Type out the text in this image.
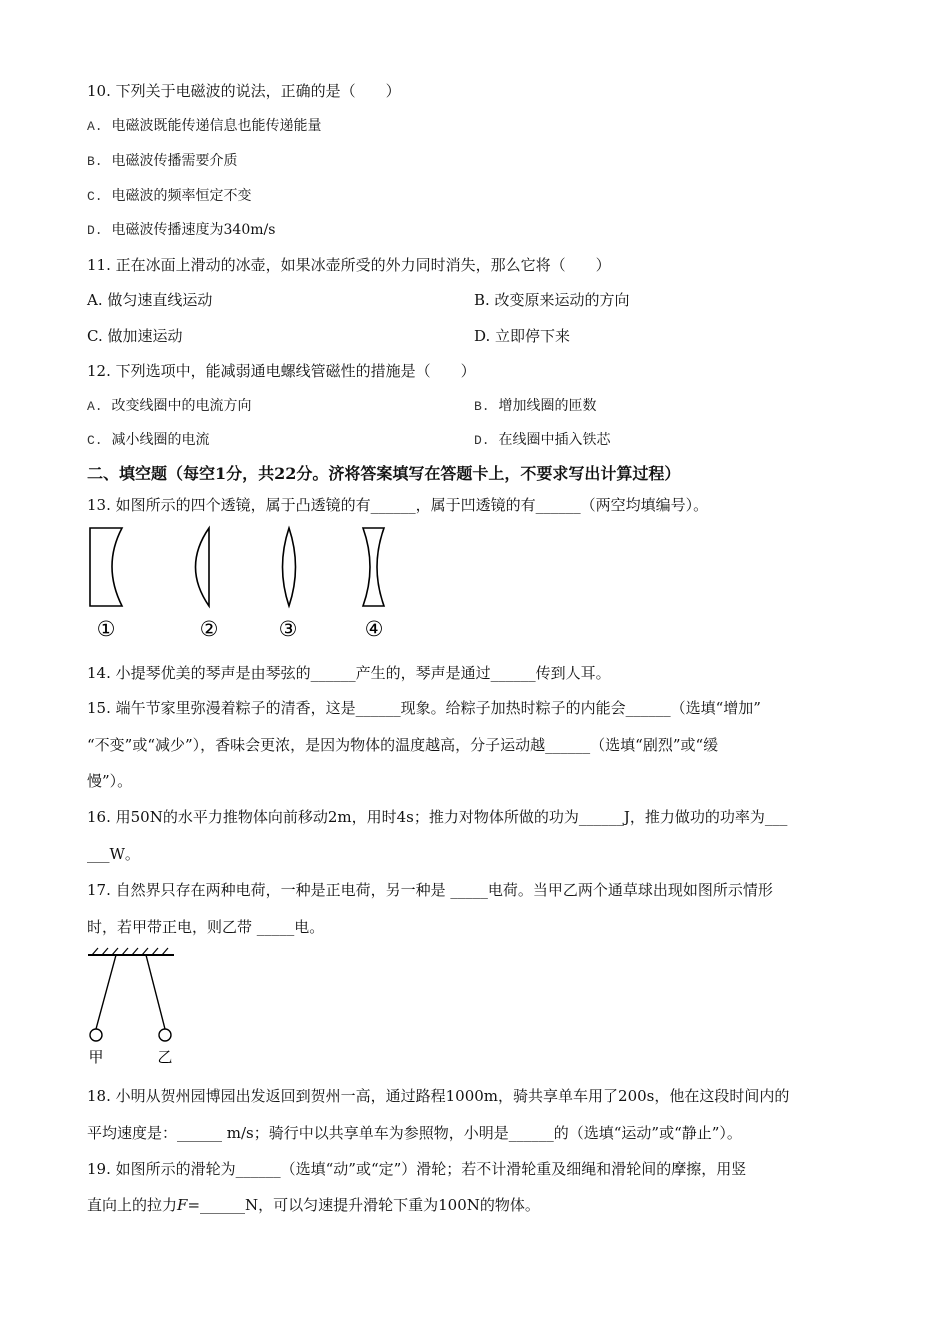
10. 下列关于电磁波的说法，正确的是（　　）
A. 电磁波既能传递信息也能传递能量
B. 电磁波传播需要介质
C. 电磁波的频率恒定不变
D. 电磁波传播速度为340m/s
11. 正在冰面上滑动的冰壶，如果冰壶所受的外力同时消失，那么它将（　　）
A. 做匀速直线运动	B. 改变原来运动的方向
C. 做加速运动	D. 立即停下来
12. 下列选项中，能减弱通电螺线管磁性的措施是（　　）
A. 改变线圈中的电流方向	B. 增加线圈的匝数
C. 减小线圈的电流	D. 在线圈中插入铁芯
二、填空题（每空1分，共22分。济将答案填写在答题卡上，不要求写出计算过程）
13. 如图所示的四个透镜，属于凸透镜的有______，属于凹透镜的有______（两空均填编号）。
①	②	③	④
14. 小提琴优美的琴声是由琴弦的______产生的，琴声是通过______传到人耳。
15. 端午节家里弥漫着粽子的清香，这是______现象。给粽子加热时粽子的内能会______（选填“增加”
“不变”或“减少”），香味会更浓，是因为物体的温度越高，分子运动越______（选填“剧烈”或“缓
慢”）。
16. 用50N的水平力推物体向前移动2m，用时4s；推力对物体所做的功为______J，推力做功的功率为___
___W。
17. 自然界只存在两种电荷，一种是正电荷，另一种是 _____电荷。当甲乙两个通草球出现如图所示情形
时，若甲带正电，则乙带 _____电。
甲	乙
18. 小明从贺州园博园出发返回到贺州一高，通过路程1000m，骑共享单车用了200s，他在这段时间内的
平均速度是：______ m/s；骑行中以共享单车为参照物，小明是______的（选填“运动”或“静止”）。
19. 如图所示的滑轮为______（选填“动”或“定”）滑轮；若不计滑轮重及细绳和滑轮间的摩擦，用竖
直向上的拉力F=______N，可以匀速提升滑轮下重为100N的物体。
